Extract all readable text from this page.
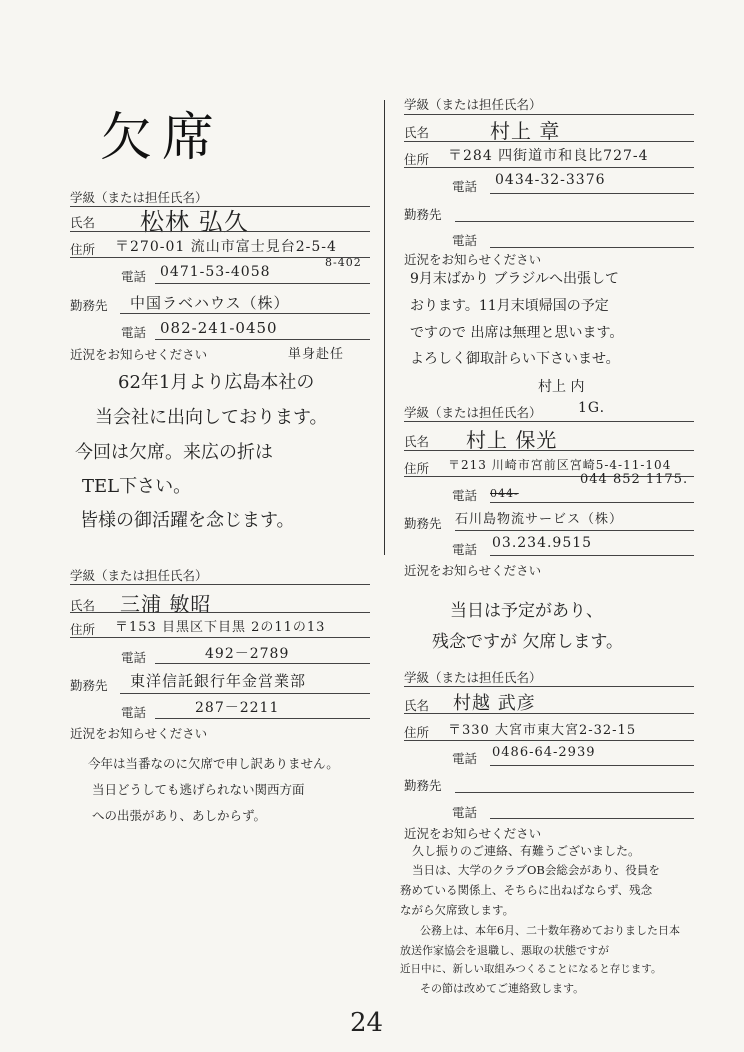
欠席
学級（または担任氏名）
氏名 松林 弘久
住所 〒270-01 流山市富士見台2-5-4
8-402
電話 0471-53-4058
勤務先 中国ラベハウス（株）
電話 082-241-0450
近況をお知らせください	単身赴任
62年1月より広島本社の
当会社に出向しております。
今回は欠席。来広の折は
TEL下さい。
皆様の御活躍を念じます。
学級（または担任氏名）
氏名 三浦 敏昭
住所 〒153 目黒区下目黒 2の11の13
電話	492－2789
勤務先 東洋信託銀行年金営業部
電話	287－2211
近況をお知らせください
今年は当番なのに欠席で申し訳ありません。
当日どうしても逃げられない関西方面
への出張があり、あしからず。
学級（または担任氏名）
氏名	村上 章
住所 〒284 四街道市和良比727-4
電話 0434-32-3376
勤務先
電話
近況をお知らせください
9月末ばかり ブラジルへ出張して
おります。11月末頃帰国の予定
ですので 出席は無理と思います。
よろしく御取計らい下さいませ。
村上 内
学級（または担任氏名）	1G.
氏名 村上 保光
住所 〒213 川崎市宮前区宮崎5-4-11-104
電話 044-
044 852 1175.
勤務先 石川島物流サービス（株）
電話 03.234.9515
近況をお知らせください
当日は予定があり、
残念ですが 欠席します。
学級（または担任氏名）
氏名 村越 武彦
住所 〒330 大宮市東大宮2-32-15
電話 0486-64-2939
勤務先
電話
近況をお知らせください
久し振りのご連絡、有難うございました。
当日は、大学のクラブOB会総会があり、役員を
務めている関係上、そちらに出ねばならず、残念
ながら欠席致します。
公務上は、本年6月、二十数年務めておりました日本
放送作家協会を退職し、悪取の状態ですが
近日中に、新しい取組みつくることになると存じます。
その節は改めてご連絡致します。
24
